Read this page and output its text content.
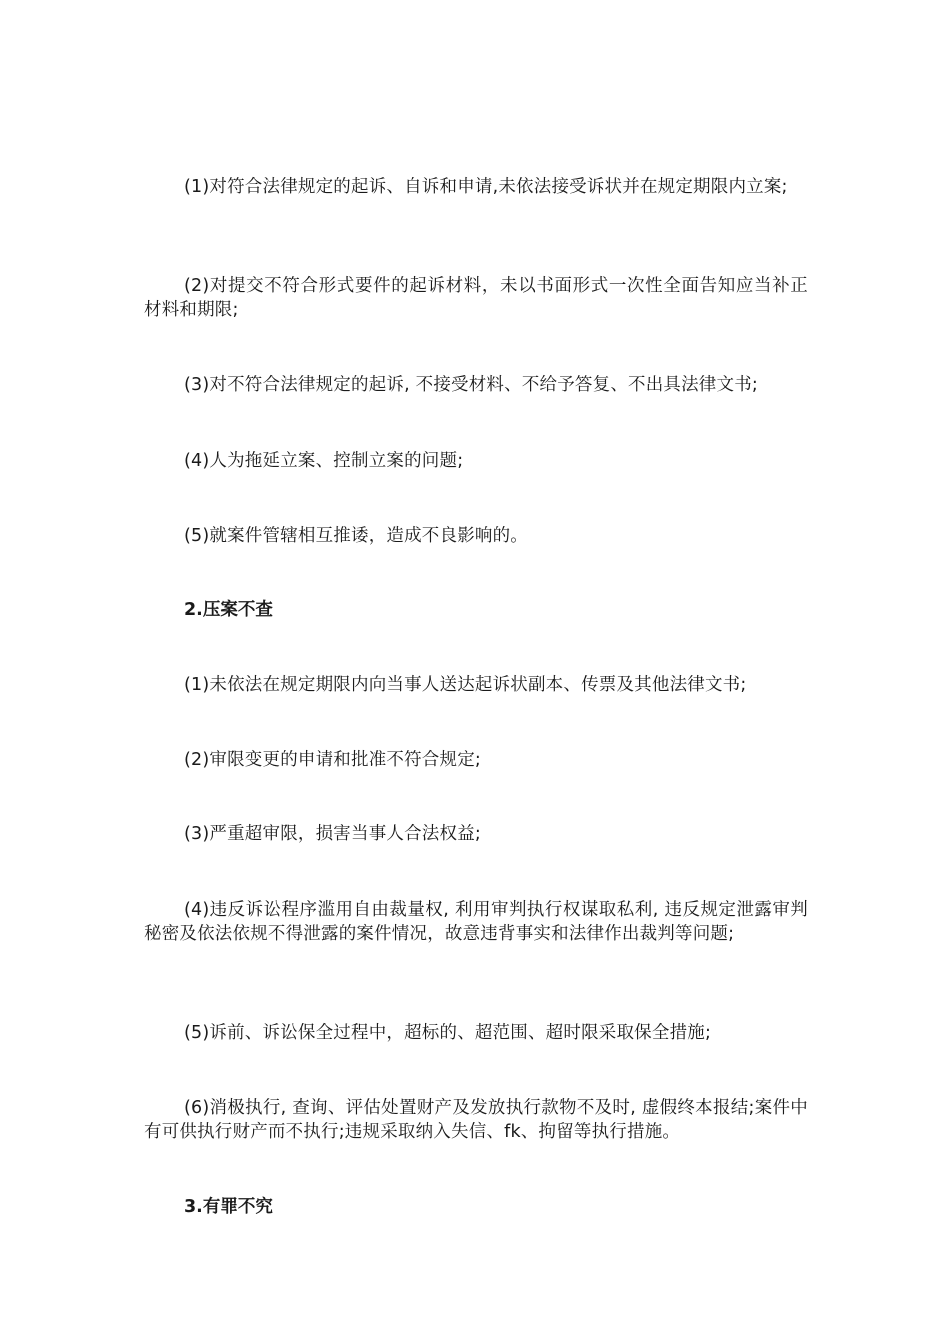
(1)对符合法律规定的起诉、自诉和申请,未依法接受诉状并在规定期限内立案;

(2)对提交不符合形式要件的起诉材料，未以书面形式一次性全面告知应当补正材料和期限;

(3)对不符合法律规定的起诉, 不接受材料、不给予答复、不出具法律文书;

(4)人为拖延立案、控制立案的问题;

(5)就案件管辖相互推诿，造成不良影响的。

2.压案不查

(1)未依法在规定期限内向当事人送达起诉状副本、传票及其他法律文书;

(2)审限变更的申请和批准不符合规定;

(3)严重超审限，损害当事人合法权益;

(4)违反诉讼程序滥用自由裁量权, 利用审判执行权谋取私利, 违反规定泄露审判秘密及依法依规不得泄露的案件情况，故意违背事实和法律作出裁判等问题;

(5)诉前、诉讼保全过程中，超标的、超范围、超时限采取保全措施;

(6)消极执行, 查询、评估处置财产及发放执行款物不及时, 虚假终本报结;案件中有可供执行财产而不执行;违规采取纳入失信、fk、拘留等执行措施。

3.有罪不究
